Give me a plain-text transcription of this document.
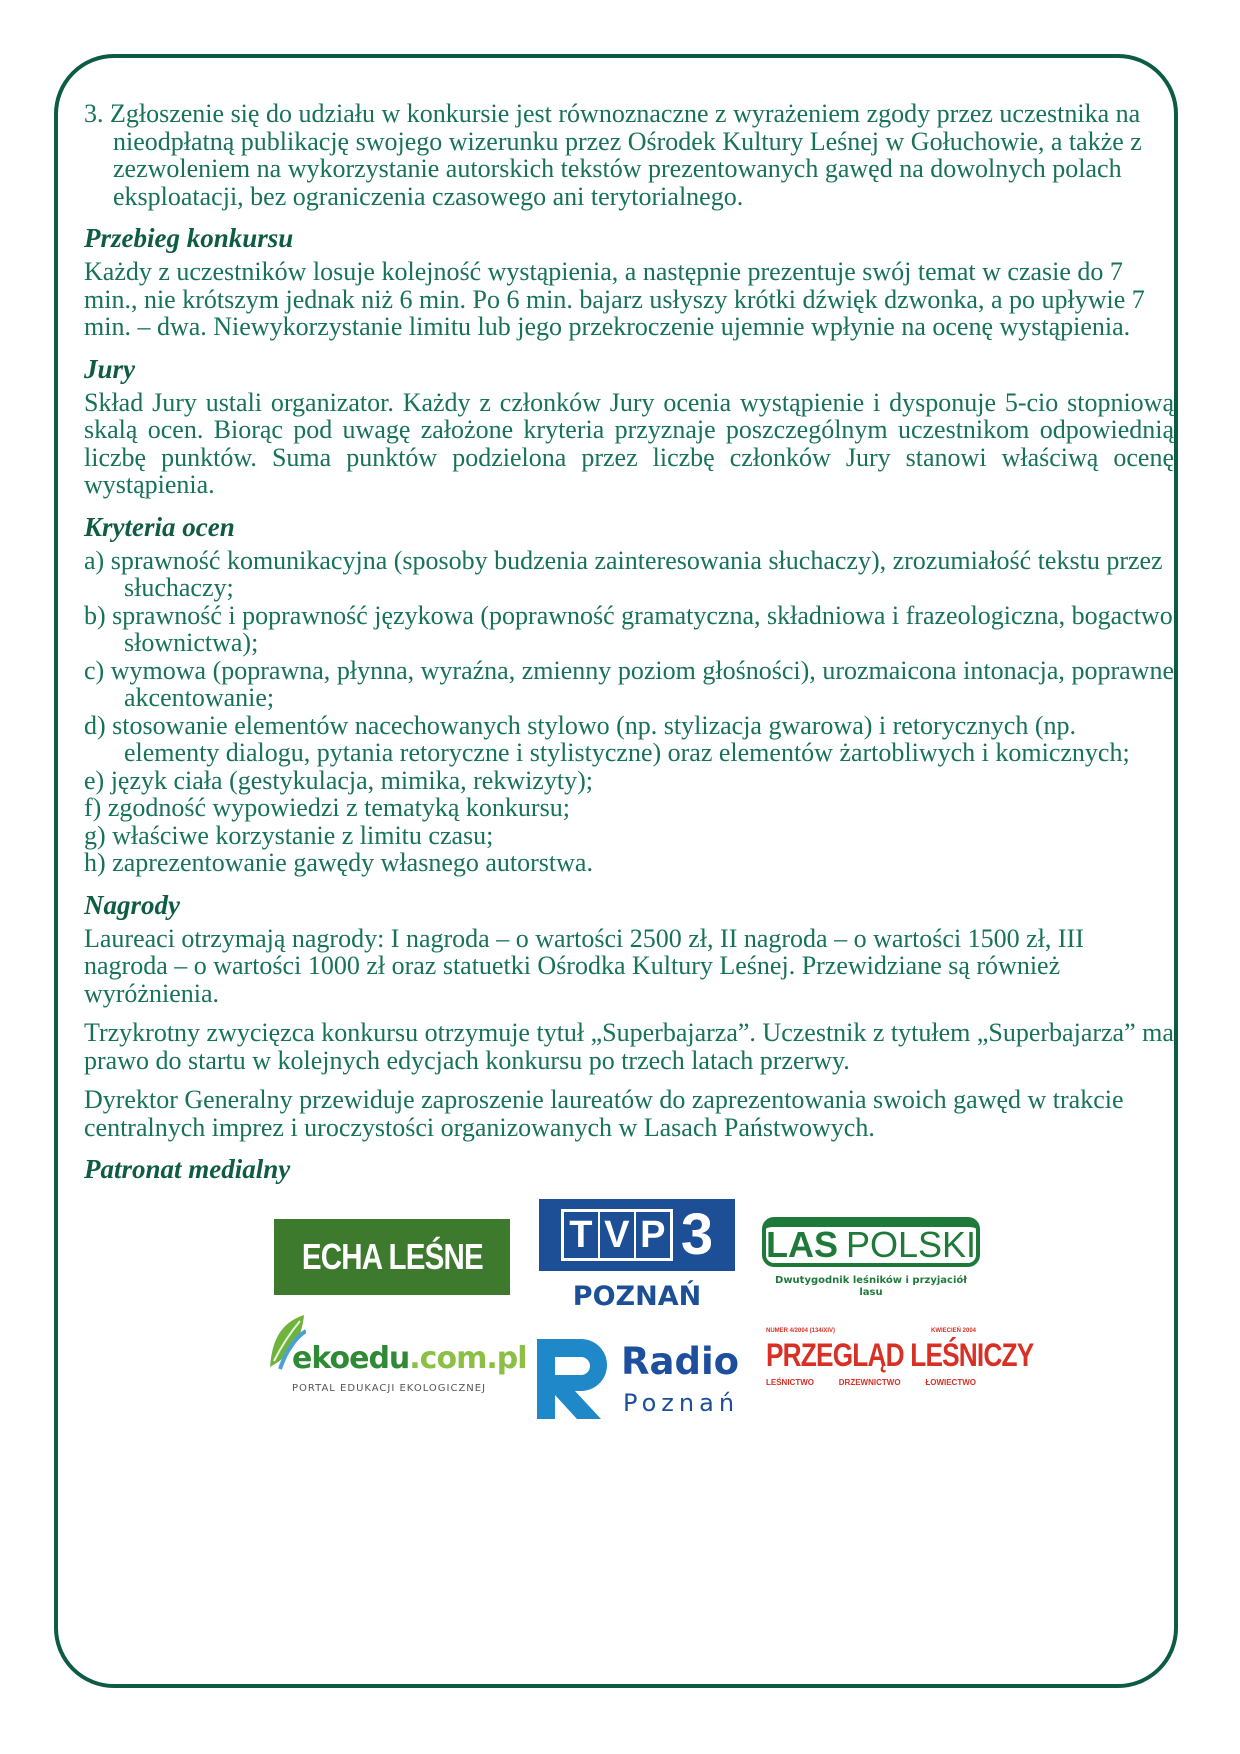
3. Zgłoszenie się do udziału w konkursie jest równoznaczne z wyrażeniem zgody przez uczestnika na nieodpłatną publikację swojego wizerunku przez Ośrodek Kultury Leśnej w Gołuchowie, a także z zezwoleniem na wykorzystanie autorskich tekstów prezentowanych gawęd na dowolnych polach eksploatacji, bez ograniczenia czasowego ani terytorialnego.

Przebieg konkursu

Każdy z uczestników losuje kolejność wystąpienia, a następnie prezentuje swój temat w czasie do 7 min., nie krótszym jednak niż 6 min. Po 6 min. bajarz usłyszy krótki dźwięk dzwonka, a po upływie 7 min. – dwa. Niewykorzystanie limitu lub jego przekroczenie ujemnie wpłynie na ocenę wystąpienia.

Jury

Skład Jury ustali organizator. Każdy z członków Jury ocenia wystąpienie i dysponuje 5-cio stopniową skalą ocen. Biorąc pod uwagę założone kryteria przyznaje poszczególnym uczestnikom odpowiednią liczbę punktów. Suma punktów podzielona przez liczbę członków Jury stanowi właściwą ocenę wystąpienia.

Kryteria ocen

a) sprawność komunikacyjna (sposoby budzenia zainteresowania słuchaczy), zrozumiałość tekstu przez słuchaczy;

b) sprawność i poprawność językowa (poprawność gramatyczna, składniowa i frazeologiczna, bogactwo słownictwa);

c) wymowa (poprawna, płynna, wyraźna, zmienny poziom głośności), urozmaicona intonacja, poprawne akcentowanie;

d) stosowanie elementów nacechowanych stylowo (np. stylizacja gwarowa) i retorycznych (np. elementy dialogu, pytania retoryczne i stylistyczne) oraz elementów żartobliwych i komicznych;

e) język ciała (gestykulacja, mimika, rekwizyty);

f) zgodność wypowiedzi z tematyką konkursu;

g) właściwe korzystanie z limitu czasu;

h) zaprezentowanie gawędy własnego autorstwa.

Nagrody

Laureaci otrzymają nagrody: I nagroda – o wartości 2500 zł, II nagroda – o wartości 1500 zł, III nagroda – o wartości 1000 zł oraz statuetki Ośrodka Kultury Leśnej. Przewidziane są również wyróżnienia.

Trzykrotny zwycięzca konkursu otrzymuje tytuł „Superbajarza”. Uczestnik z tytułem „Superbajarza” ma prawo do startu w kolejnych edycjach konkursu po trzech latach przerwy.

Dyrektor Generalny przewiduje zaproszenie laureatów do zaprezentowania swoich gawęd w trakcie centralnych imprez i uroczystości organizowanych w Lasach Państwowych.

Patronat medialny
ECHA LEŚNE
T V P 3
POZNAŃ
LAS POLSKI
Dwutygodnik leśników i przyjaciół lasu
ekoedu.com.pl
PORTAL EDUKACJI EKOLOGICZNEJ
Radio
Poznań
NUMER 4/2004 (134/XIV)	KWIECIEŃ 2004
PRZEGLĄD LEŚNICZY
LEŚNICTWO	DRZEWNICTWO	ŁOWIECTWO
